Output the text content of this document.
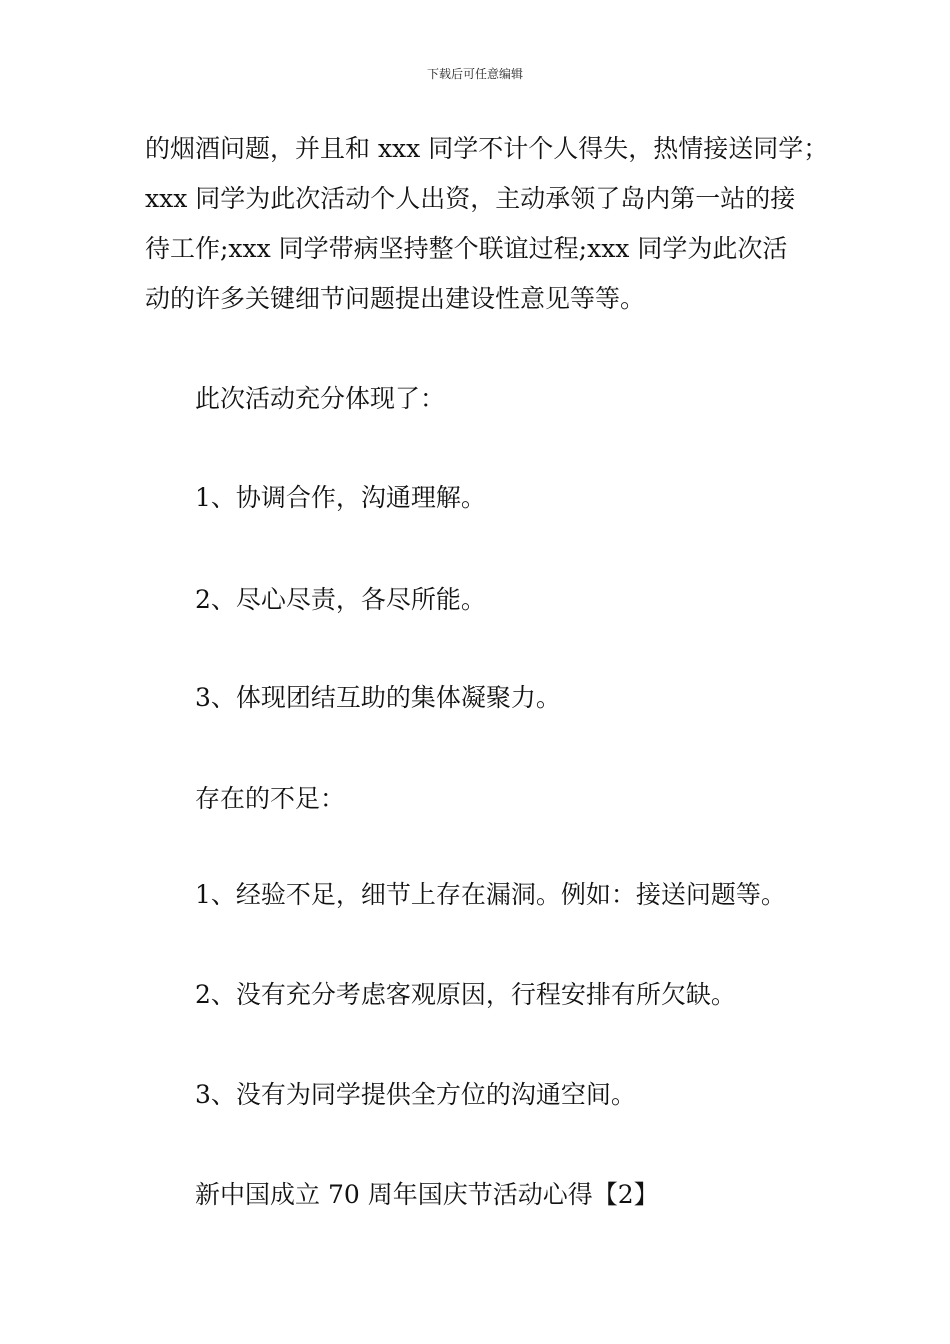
下载后可任意编辑
的烟酒问题，并且和 xxx 同学不计个人得失，热情接送同学；
xxx 同学为此次活动个人出资，主动承领了岛内第一站的接
待工作;xxx 同学带病坚持整个联谊过程;xxx 同学为此次活
动的许多关键细节问题提出建设性意见等等。
此次活动充分体现了：
1、协调合作，沟通理解。
2、尽心尽责，各尽所能。
3、体现团结互助的集体凝聚力。
存在的不足：
1、经验不足，细节上存在漏洞。例如：接送问题等。
2、没有充分考虑客观原因，行程安排有所欠缺。
3、没有为同学提供全方位的沟通空间。
新中国成立 70 周年国庆节活动心得【2】
